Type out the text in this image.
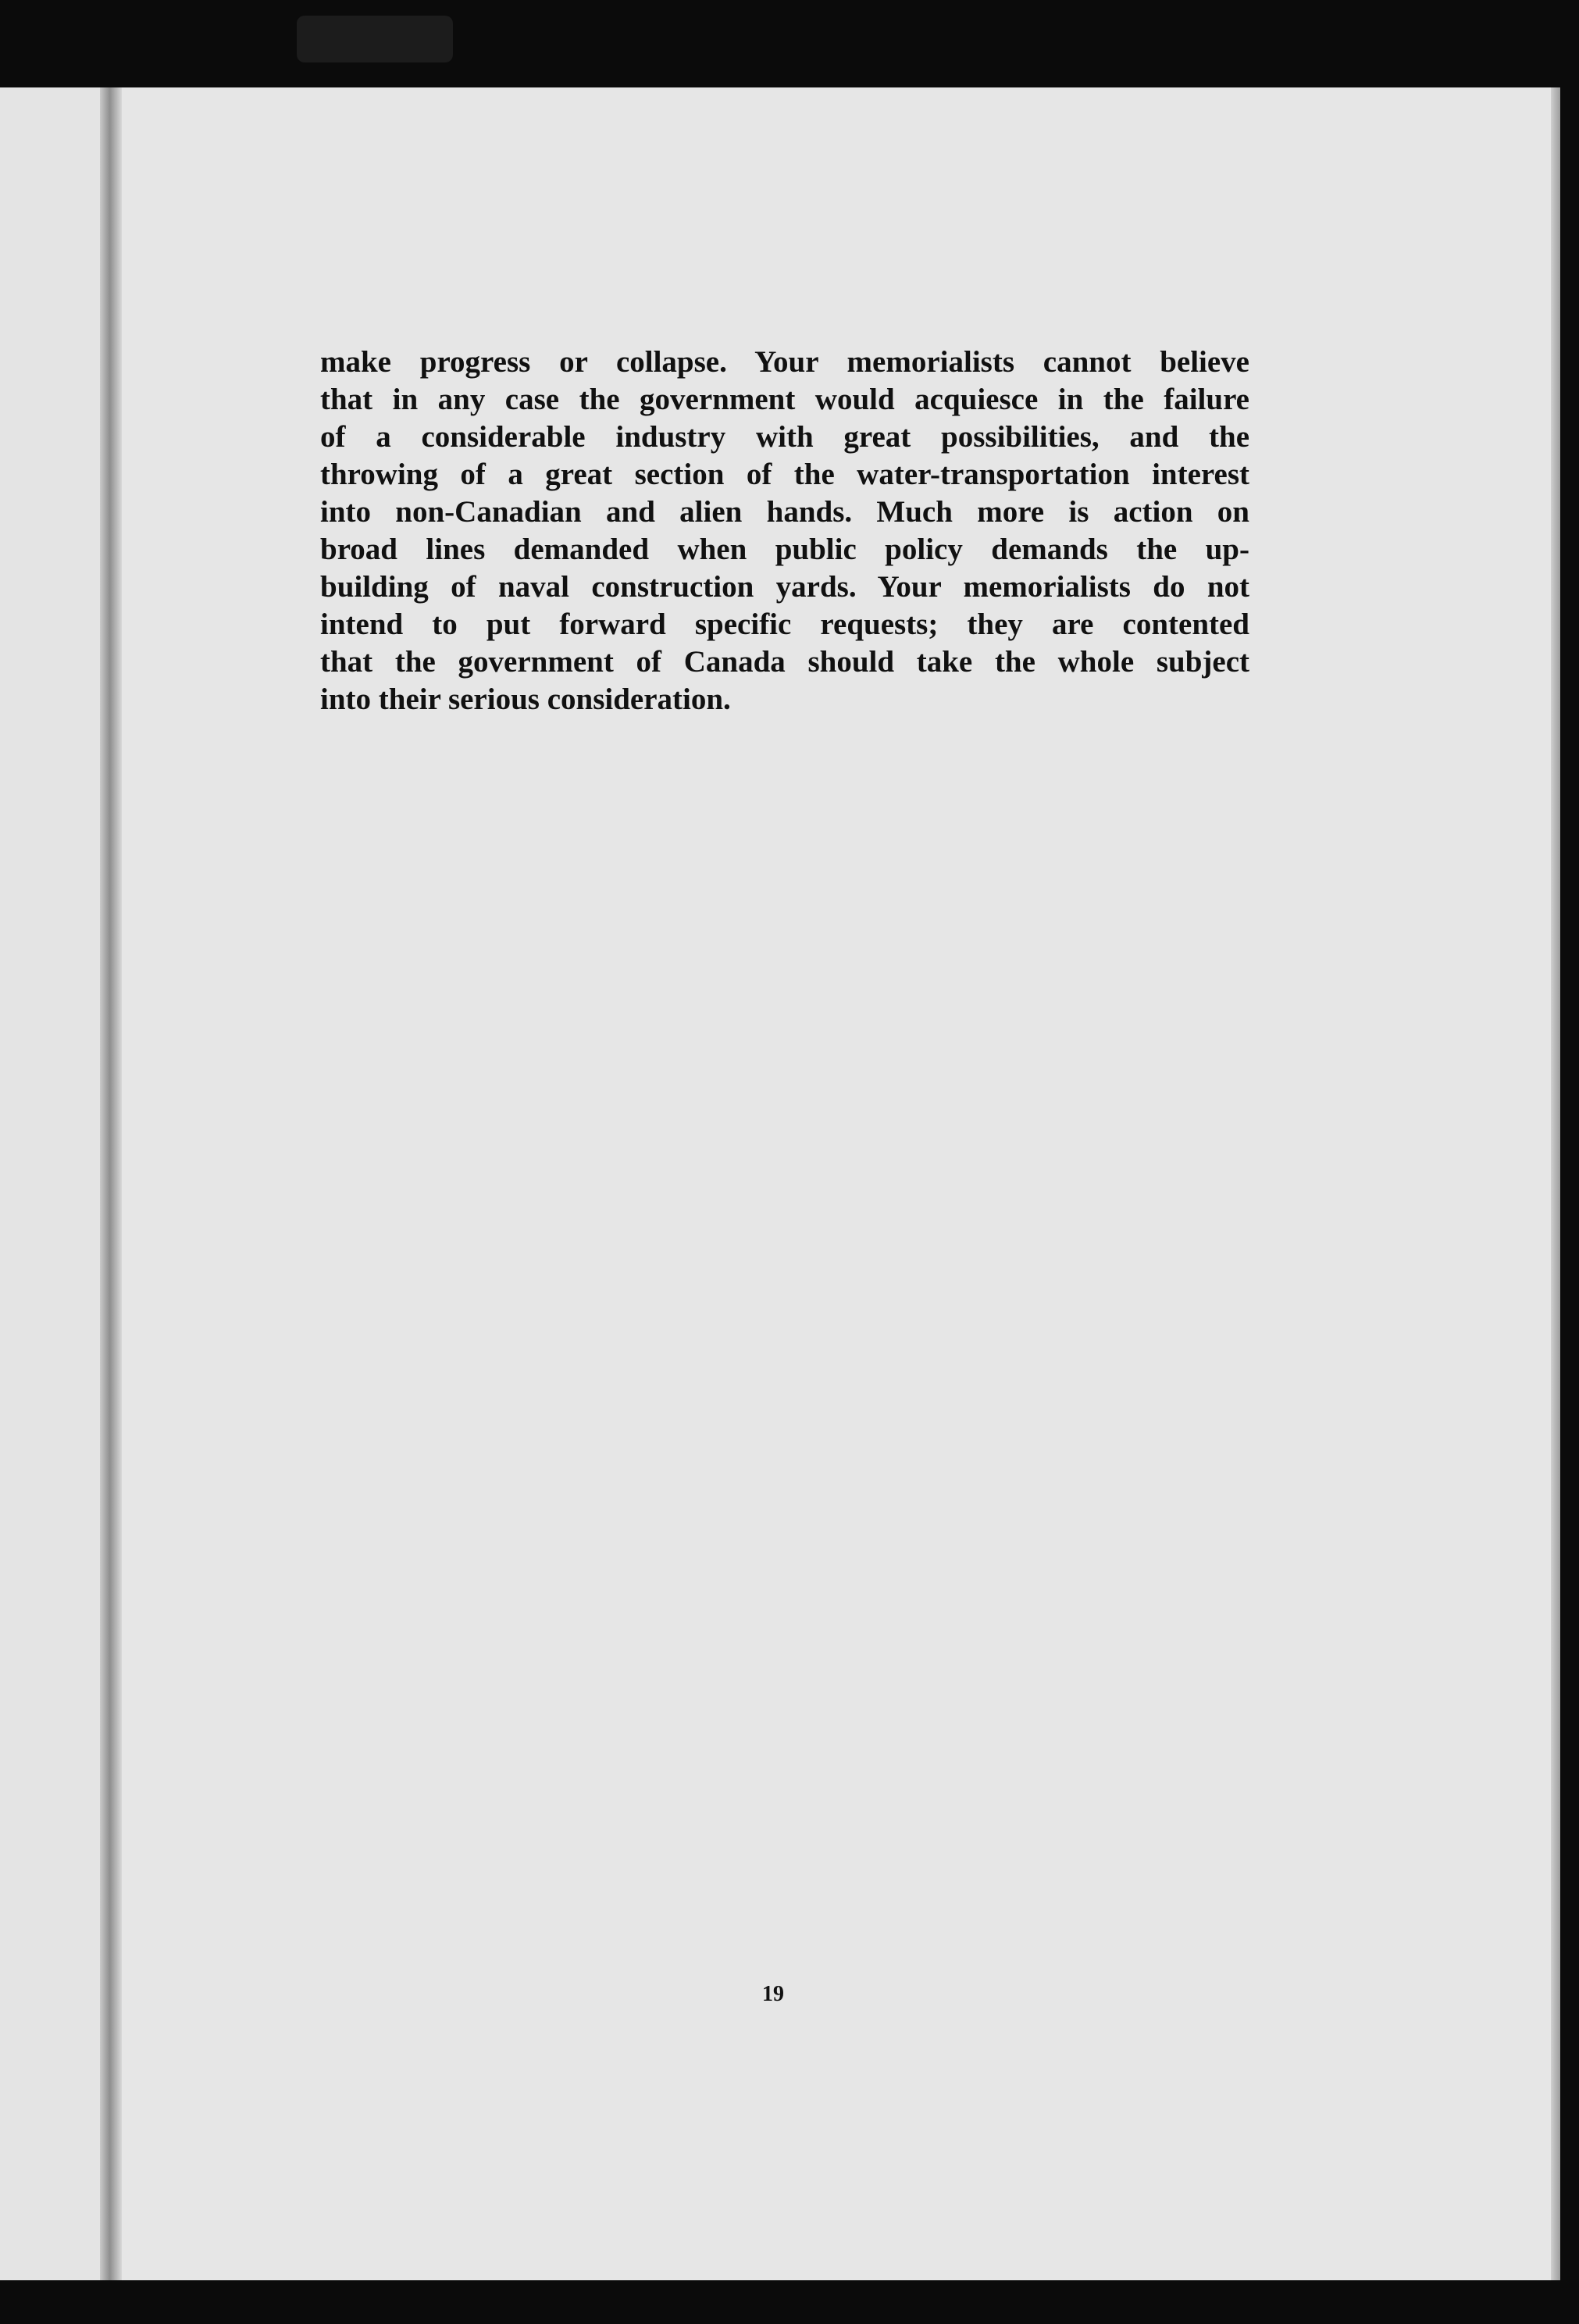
make progress or collapse. Your memorialists cannot believe
that in any case the government would acquiesce in the failure
of a considerable industry with great possibilities, and the
throwing of a great section of the water-transportation interest
into non-Canadian and alien hands. Much more is action on
broad lines demanded when public policy demands the up-
building of naval construction yards. Your memorialists do not
intend to put forward specific requests; they are contented
that the government of Canada should take the whole subject
into their serious consideration.

19
